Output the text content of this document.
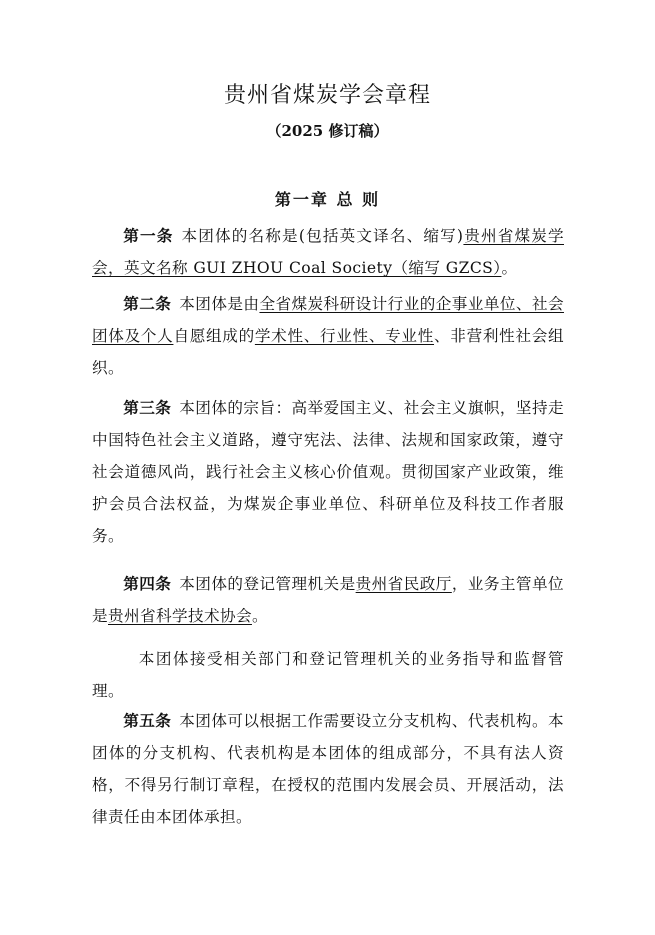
贵州省煤炭学会章程
（2025 修订稿）
第一章 总 则

第一条 本团体的名称是(包括英文译名、缩写)贵州省煤炭学会，英文名称 GUI ZHOU Coal Society（缩写 GZCS）。

第二条 本团体是由全省煤炭科研设计行业的企事业单位、社会团体及个人自愿组成的学术性、行业性、专业性、非营利性社会组织。

第三条 本团体的宗旨：高举爱国主义、社会主义旗帜，坚持走中国特色社会主义道路，遵守宪法、法律、法规和国家政策，遵守社会道德风尚，践行社会主义核心价值观。贯彻国家产业政策，维护会员合法权益，为煤炭企事业单位、科研单位及科技工作者服务。

第四条 本团体的登记管理机关是贵州省民政厅，业务主管单位是贵州省科学技术协会。

本团体接受相关部门和登记管理机关的业务指导和监督管理。

第五条 本团体可以根据工作需要设立分支机构、代表机构。本团体的分支机构、代表机构是本团体的组成部分，不具有法人资格，不得另行制订章程，在授权的范围内发展会员、开展活动，法律责任由本团体承担。
